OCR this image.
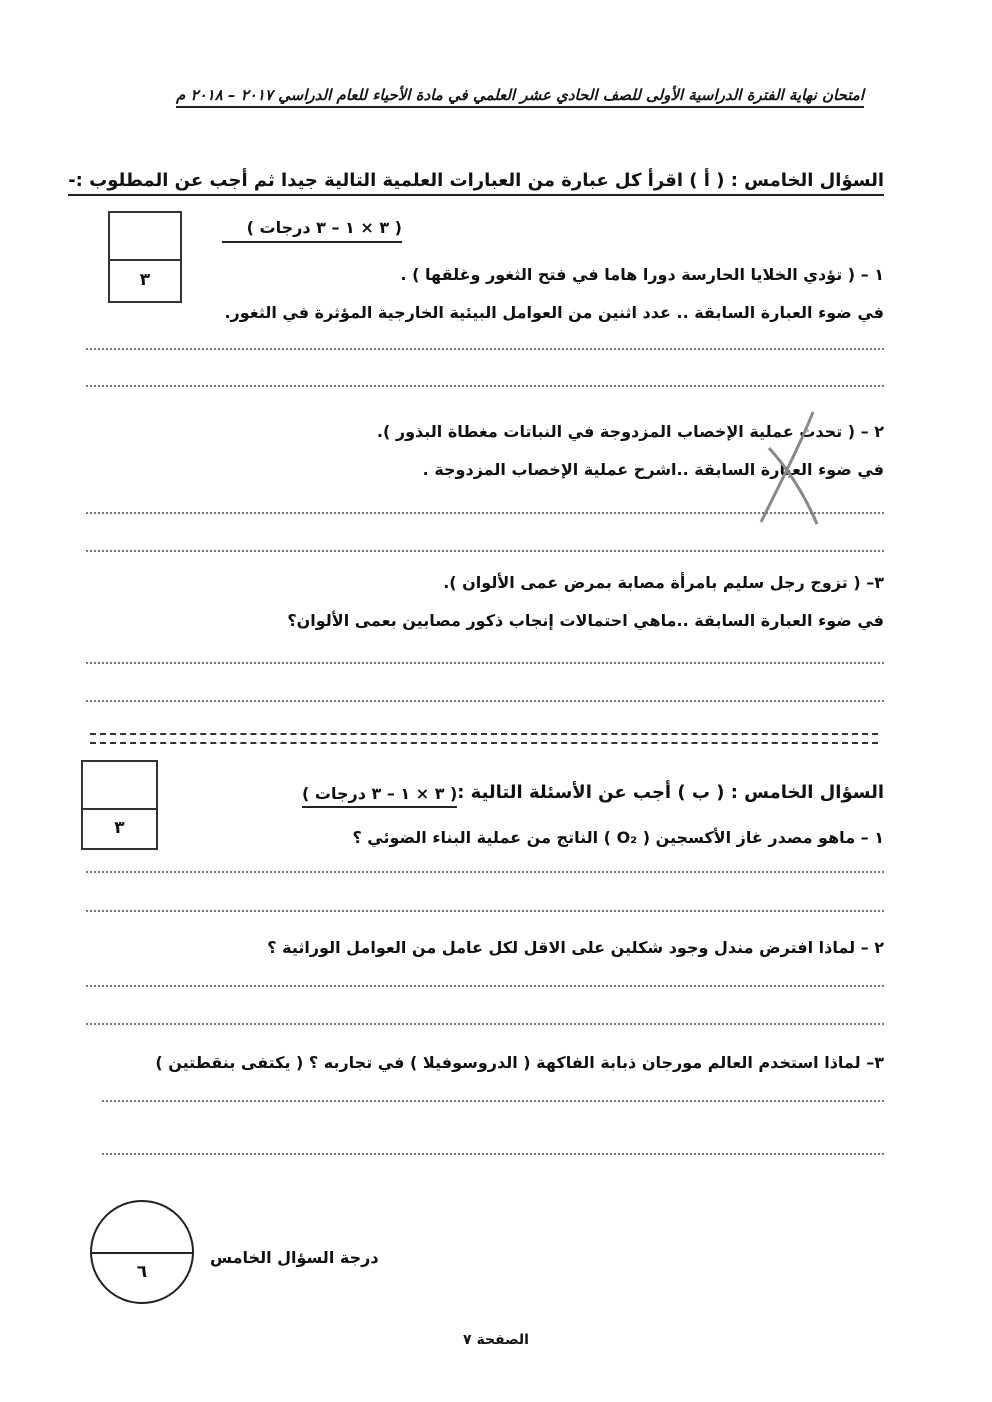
امتحان نهاية الفترة الدراسية الأولى للصف الحادي عشر العلمي في مادة الأحياء للعام الدراسي ٢٠١٧ – ٢٠١٨ م
السؤال الخامس : ( أ ) اقرأ كل عبارة من العبارات العلمية التالية جيدا ثم أجب عن المطلوب :-
( ٣ × ١ – ٣ درجات )
٣	١ – ( تؤدي الخلايا الحارسة دورا هاما في فتح الثغور وغلقها ) .
في ضوء العبارة السابقة .. عدد اثنين من العوامل البيئية الخارجية المؤثرة في الثغور.
٢ – ( تحدث عملية الإخصاب المزدوجة في النباتات مغطاة البذور ).
في ضوء العبارة السابقة ..اشرح عملية الإخصاب المزدوجة .
٣– ( تزوج رجل سليم بامرأة مصابة بمرض عمى الألوان ).
في ضوء العبارة السابقة ..ماهي احتمالات إنجاب ذكور مصابين بعمى الألوان؟
السؤال الخامس : ( ب ) أجب عن الأسئلة التالية :
( ٣ × ١ – ٣ درجات )
٣	١ – ماهو مصدر غاز الأكسجين ( O₂ ) الناتج من عملية البناء الضوئي ؟
٢ – لماذا افترض مندل وجود شكلين على الاقل لكل عامل من العوامل الوراثية ؟
٣– لماذا استخدم العالم مورجان ذبابة الفاكهة ( الدروسوفيلا ) في تجاربه ؟ ( يكتفى بنقطتين )
٦
درجة السؤال الخامس
الصفحة ٧
